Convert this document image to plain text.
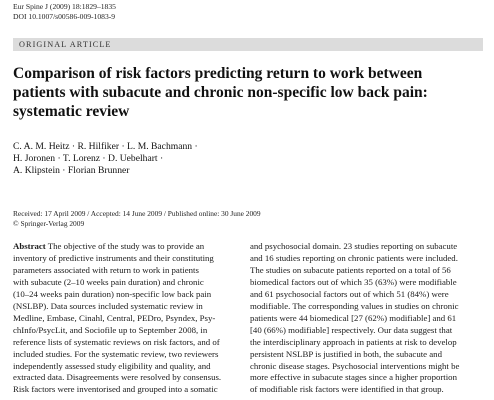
Eur Spine J (2009) 18:1829–1835
DOI 10.1007/s00586-009-1083-9
ORIGINAL ARTICLE
Comparison of risk factors predicting return to work between
patients with subacute and chronic non-specific low back pain:
systematic review
C. A. M. Heitz · R. Hilfiker · L. M. Bachmann ·
H. Joronen · T. Lorenz · D. Uebelhart ·
A. Klipstein · Florian Brunner
Received: 17 April 2009 / Accepted: 14 June 2009 / Published online: 30 June 2009
© Springer-Verlag 2009
Abstract The objective of the study was to provide an
inventory of predictive instruments and their constituting
parameters associated with return to work in patients
with subacute (2–10 weeks pain duration) and chronic
(10–24 weeks pain duration) non-specific low back pain
(NSLBP). Data sources included systematic review in
Medline, Embase, Cinahl, Central, PEDro, Psyndex, Psy-
chInfo/PsycLit, and Sociofile up to September 2008, in
reference lists of systematic reviews on risk factors, and of
included studies. For the systematic review, two reviewers
independently assessed study eligibility and quality, and
extracted data. Disagreements were resolved by consensus.
Risk factors were inventorised and grouped into a somatic
and psychosocial domain. 23 studies reporting on subacute
and 16 studies reporting on chronic patients were included.
The studies on subacute patients reported on a total of 56
biomedical factors out of which 35 (63%) were modifiable
and 61 psychosocial factors out of which 51 (84%) were
modifiable. The corresponding values in studies on chronic
patients were 44 biomedical [27 (62%) modifiable] and 61
[40 (66%) modifiable] respectively. Our data suggest that
the interdisciplinary approach in patients at risk to develop
persistent NSLBP is justified in both, the subacute and
chronic disease stages. Psychosocial interventions might be
more effective in subacute stages since a higher proportion
of modifiable risk factors were identified in that group.
